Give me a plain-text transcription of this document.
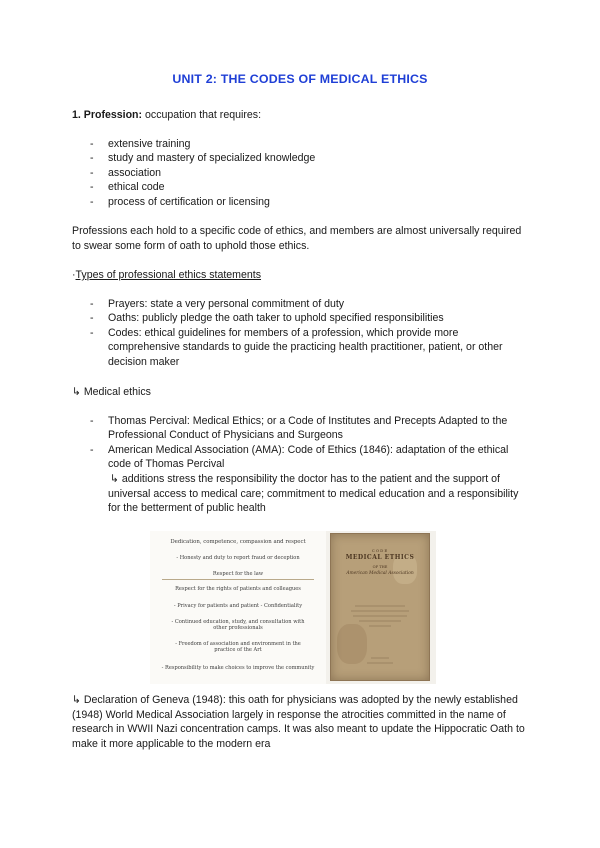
UNIT 2: THE CODES OF MEDICAL ETHICS
1. Profession: occupation that requires:
- extensive training
- study and mastery of specialized knowledge
- association
- ethical code
- process of certification or licensing
Professions each hold to a specific code of ethics, and members are almost universally required to swear some form of oath to uphold those ethics.
·Types of professional ethics statements
- Prayers: state a very personal commitment of duty
- Oaths: publicly pledge the oath taker to uphold specified responsibilities
- Codes: ethical guidelines for members of a profession, which provide more comprehensive standards to guide the practicing health practitioner, patient, or other decision maker
↳ Medical ethics
- Thomas Percival: Medical Ethics; or a Code of Institutes and Precepts Adapted to the Professional Conduct of Physicians and Surgeons
- American Medical Association (AMA): Code of Ethics (1846): adaptation of the ethical code of Thomas Percival
↳ additions stress the responsibility the doctor has to the patient and the support of universal access to medical care; commitment to medical education and a responsibility for the betterment of public health
Dedication, competence, compassion and respect
- Honesty and duty to report fraud or deception
Respect for the law
Respect for the rights of patients and colleagues
- Privacy for patients and patient - Confidentiality
- Continued education, study, and consultation with other professionals
- Freedom of association and environment in the practice of the Art
- Responsibility to make choices to improve the community
CODE
MEDICAL ETHICS
OF THE
American Medical Association
↳ Declaration of Geneva (1948): this oath for physicians was adopted by the newly established (1948) World Medical Association largely in response the atrocities committed in the name of research in WWII Nazi concentration camps. It was also meant to update the Hippocratic Oath to make it more applicable to the modern era
